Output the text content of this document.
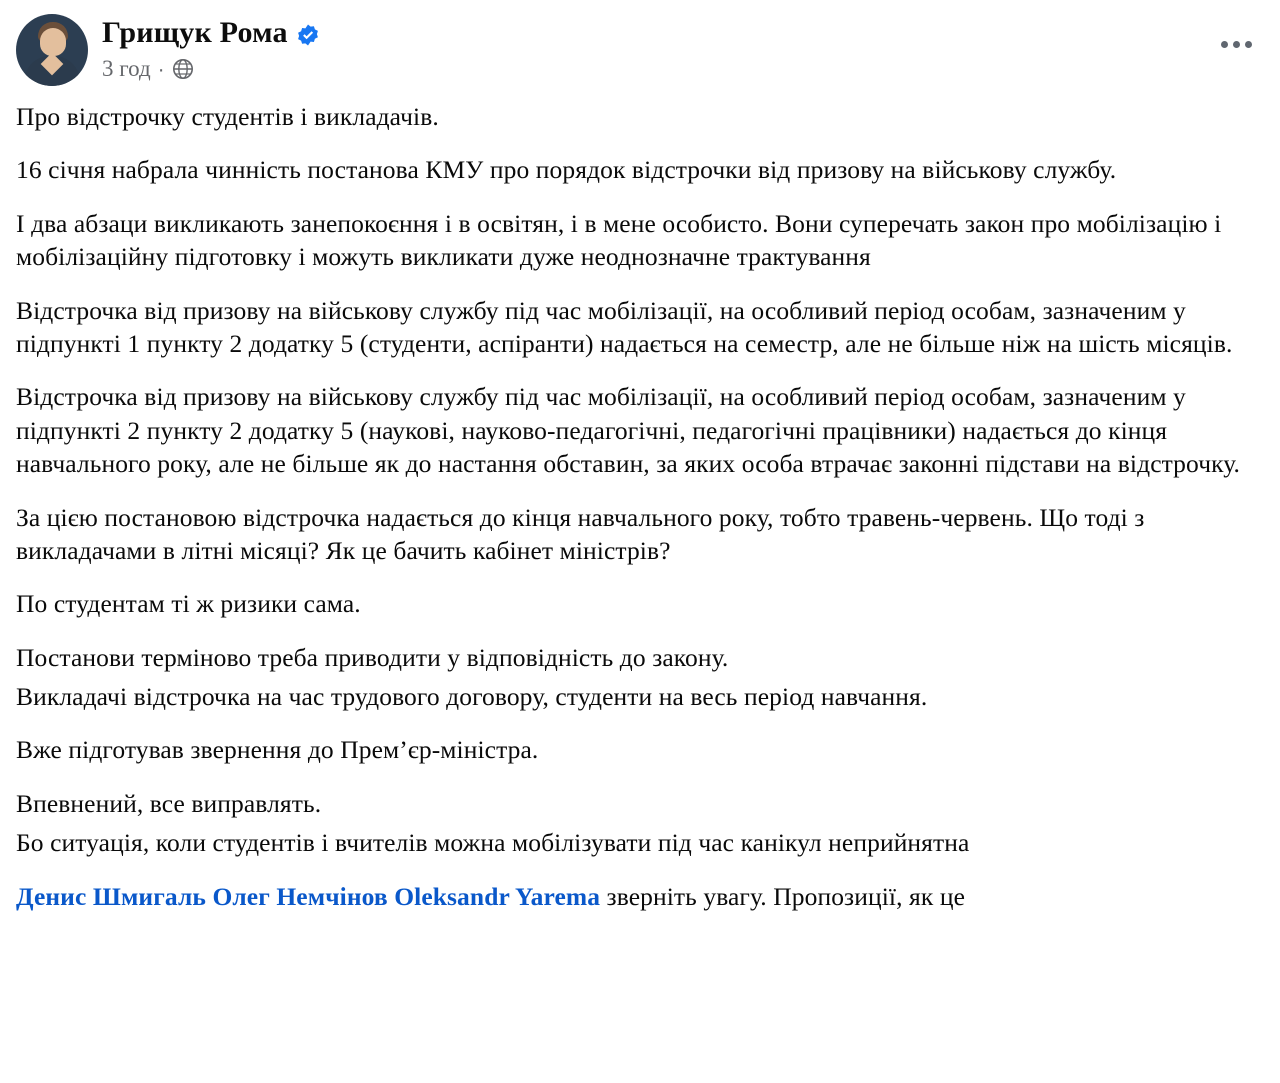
Грищук Рома
3 год ·

Про відстрочку студентів і викладачів.

16 січня набрала чинність постанова КМУ про порядок відстрочки від призову на військову службу.

І два абзаци викликають занепокоєння і в освітян, і в мене особисто. Вони суперечать закон про мобілізацію і мобілізаційну підготовку і можуть викликати дуже неоднозначне трактування

Відстрочка від призову на військову службу під час мобілізації, на особливий період особам, зазначеним у підпункті 1 пункту 2 додатку 5 (студенти, аспіранти) надається на семестр, але не більше ніж на шість місяців.

Відстрочка від призову на військову службу під час мобілізації, на особливий період особам, зазначеним у підпункті 2 пункту 2 додатку 5 (наукові, науково-педагогічні, педагогічні працівники) надається до кінця навчального року, але не більше як до настання обставин, за яких особа втрачає законні підстави на відстрочку.

За цією постановою відстрочка надається до кінця навчального року, тобто травень-червень. Що тоді з викладачами в літні місяці? Як це бачить кабінет міністрів?

По студентам ті ж ризики сама.

Постанови терміново треба приводити у відповідність до закону.

Викладачі відстрочка на час трудового договору, студенти на весь період навчання.

Вже підготував звернення до Прем’єр-міністра.

Впевнений, все виправлять.

Бо ситуація, коли студентів і вчителів можна мобілізувати під час канікул неприйнятна

Денис Шмигаль Олег Немчінов Oleksandr Yarema зверніть увагу. Пропозиції, як це
